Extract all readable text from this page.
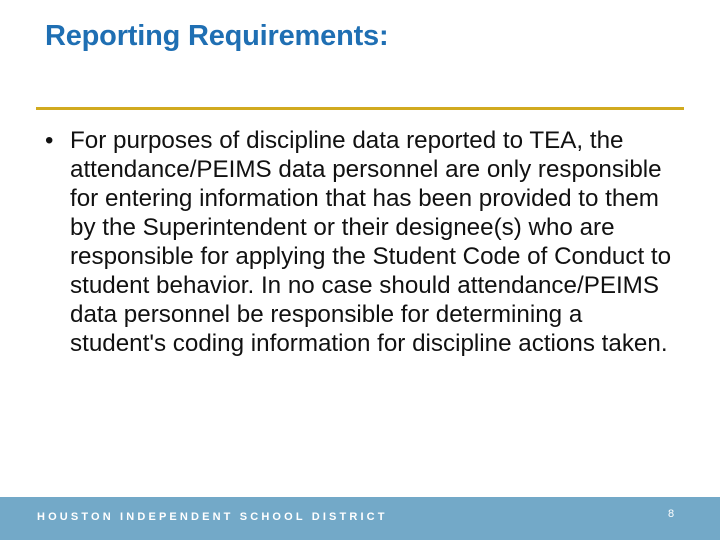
Reporting Requirements:
• For purposes of discipline data reported to TEA, the attendance/PEIMS data personnel are only responsible for entering information that has been provided to them by the Superintendent or their designee(s) who are responsible for applying the Student Code of Conduct to student behavior. In no case should attendance/PEIMS data personnel be responsible for determining a student's coding information for discipline actions taken.
HOUSTON INDEPENDENT SCHOOL DISTRICT	8
